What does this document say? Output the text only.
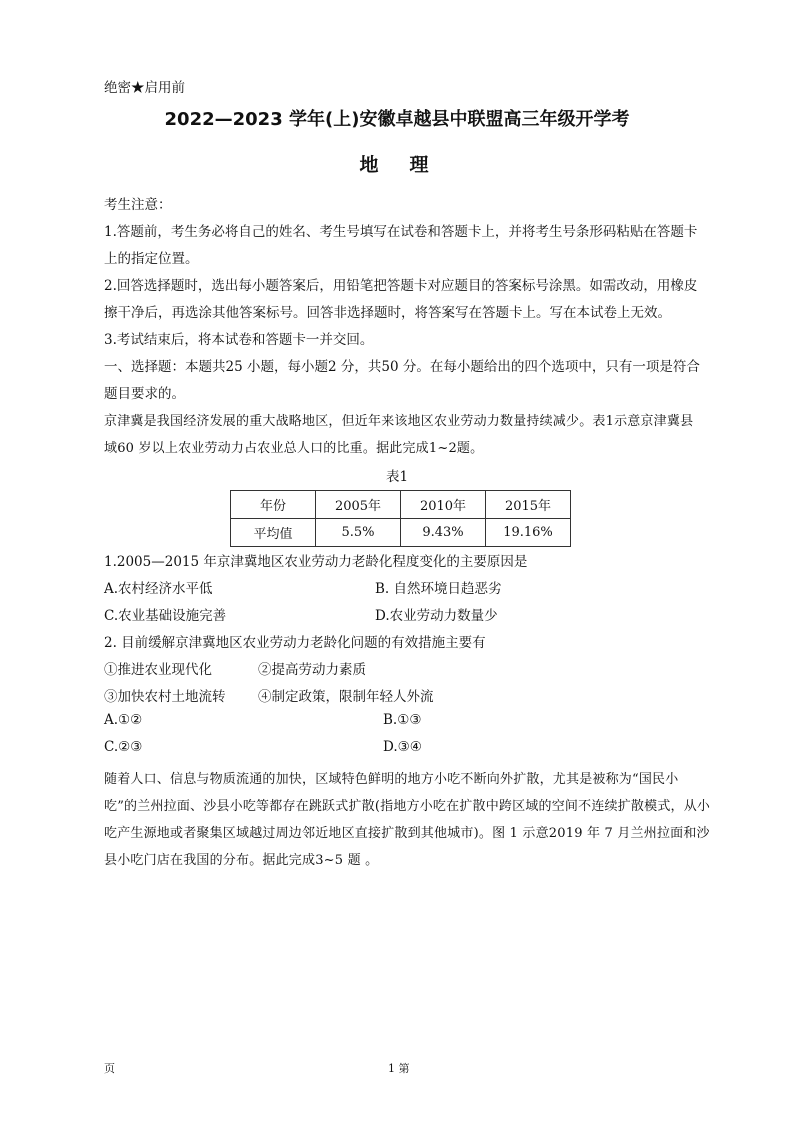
绝密★启用前
2022—2023 学年(上)安徽卓越县中联盟高三年级开学考
地　理
考生注意：
1.答题前，考生务必将自己的姓名、考生号填写在试卷和答题卡上，并将考生号条形码粘贴在答题卡
上的指定位置。
2.回答选择题时，选出每小题答案后，用铅笔把答题卡对应题目的答案标号涂黑。如需改动，用橡皮
擦干净后，再选涂其他答案标号。回答非选择题时，将答案写在答题卡上。写在本试卷上无效。
3.考试结束后，将本试卷和答题卡一并交回。
一、选择题：本题共25 小题，每小题2 分，共50 分。在每小题给出的四个选项中，只有一项是符合
题目要求的。
京津冀是我国经济发展的重大战略地区，但近年来该地区农业劳动力数量持续减少。表1示意京津冀县
域60 岁以上农业劳动力占农业总人口的比重。据此完成1~2题。
表1
年份	2005年	2010年	2015年
平均值	5.5%	9.43%	19.16%
1.2005—2015 年京津冀地区农业劳动力老龄化程度变化的主要原因是
A.农村经济水平低	B. 自然环境日趋恶劣
C.农业基础设施完善	D.农业劳动力数量少
2. 目前缓解京津冀地区农业劳动力老龄化问题的有效措施主要有
①推进农业现代化	②提高劳动力素质
③加快农村土地流转 ④制定政策，限制年轻人外流
A.①②	B.①③
C.②③	D.③④
随着人口、信息与物质流通的加快，区域特色鲜明的地方小吃不断向外扩散，尤其是被称为“国民小
吃”的兰州拉面、沙县小吃等都存在跳跃式扩散(指地方小吃在扩散中跨区域的空间不连续扩散模式，从小
吃产生源地或者聚集区域越过周边邻近地区直接扩散到其他城市)。图 1 示意2019 年 7 月兰州拉面和沙
县小吃门店在我国的分布。据此完成3~5 题 。
页	1 第
